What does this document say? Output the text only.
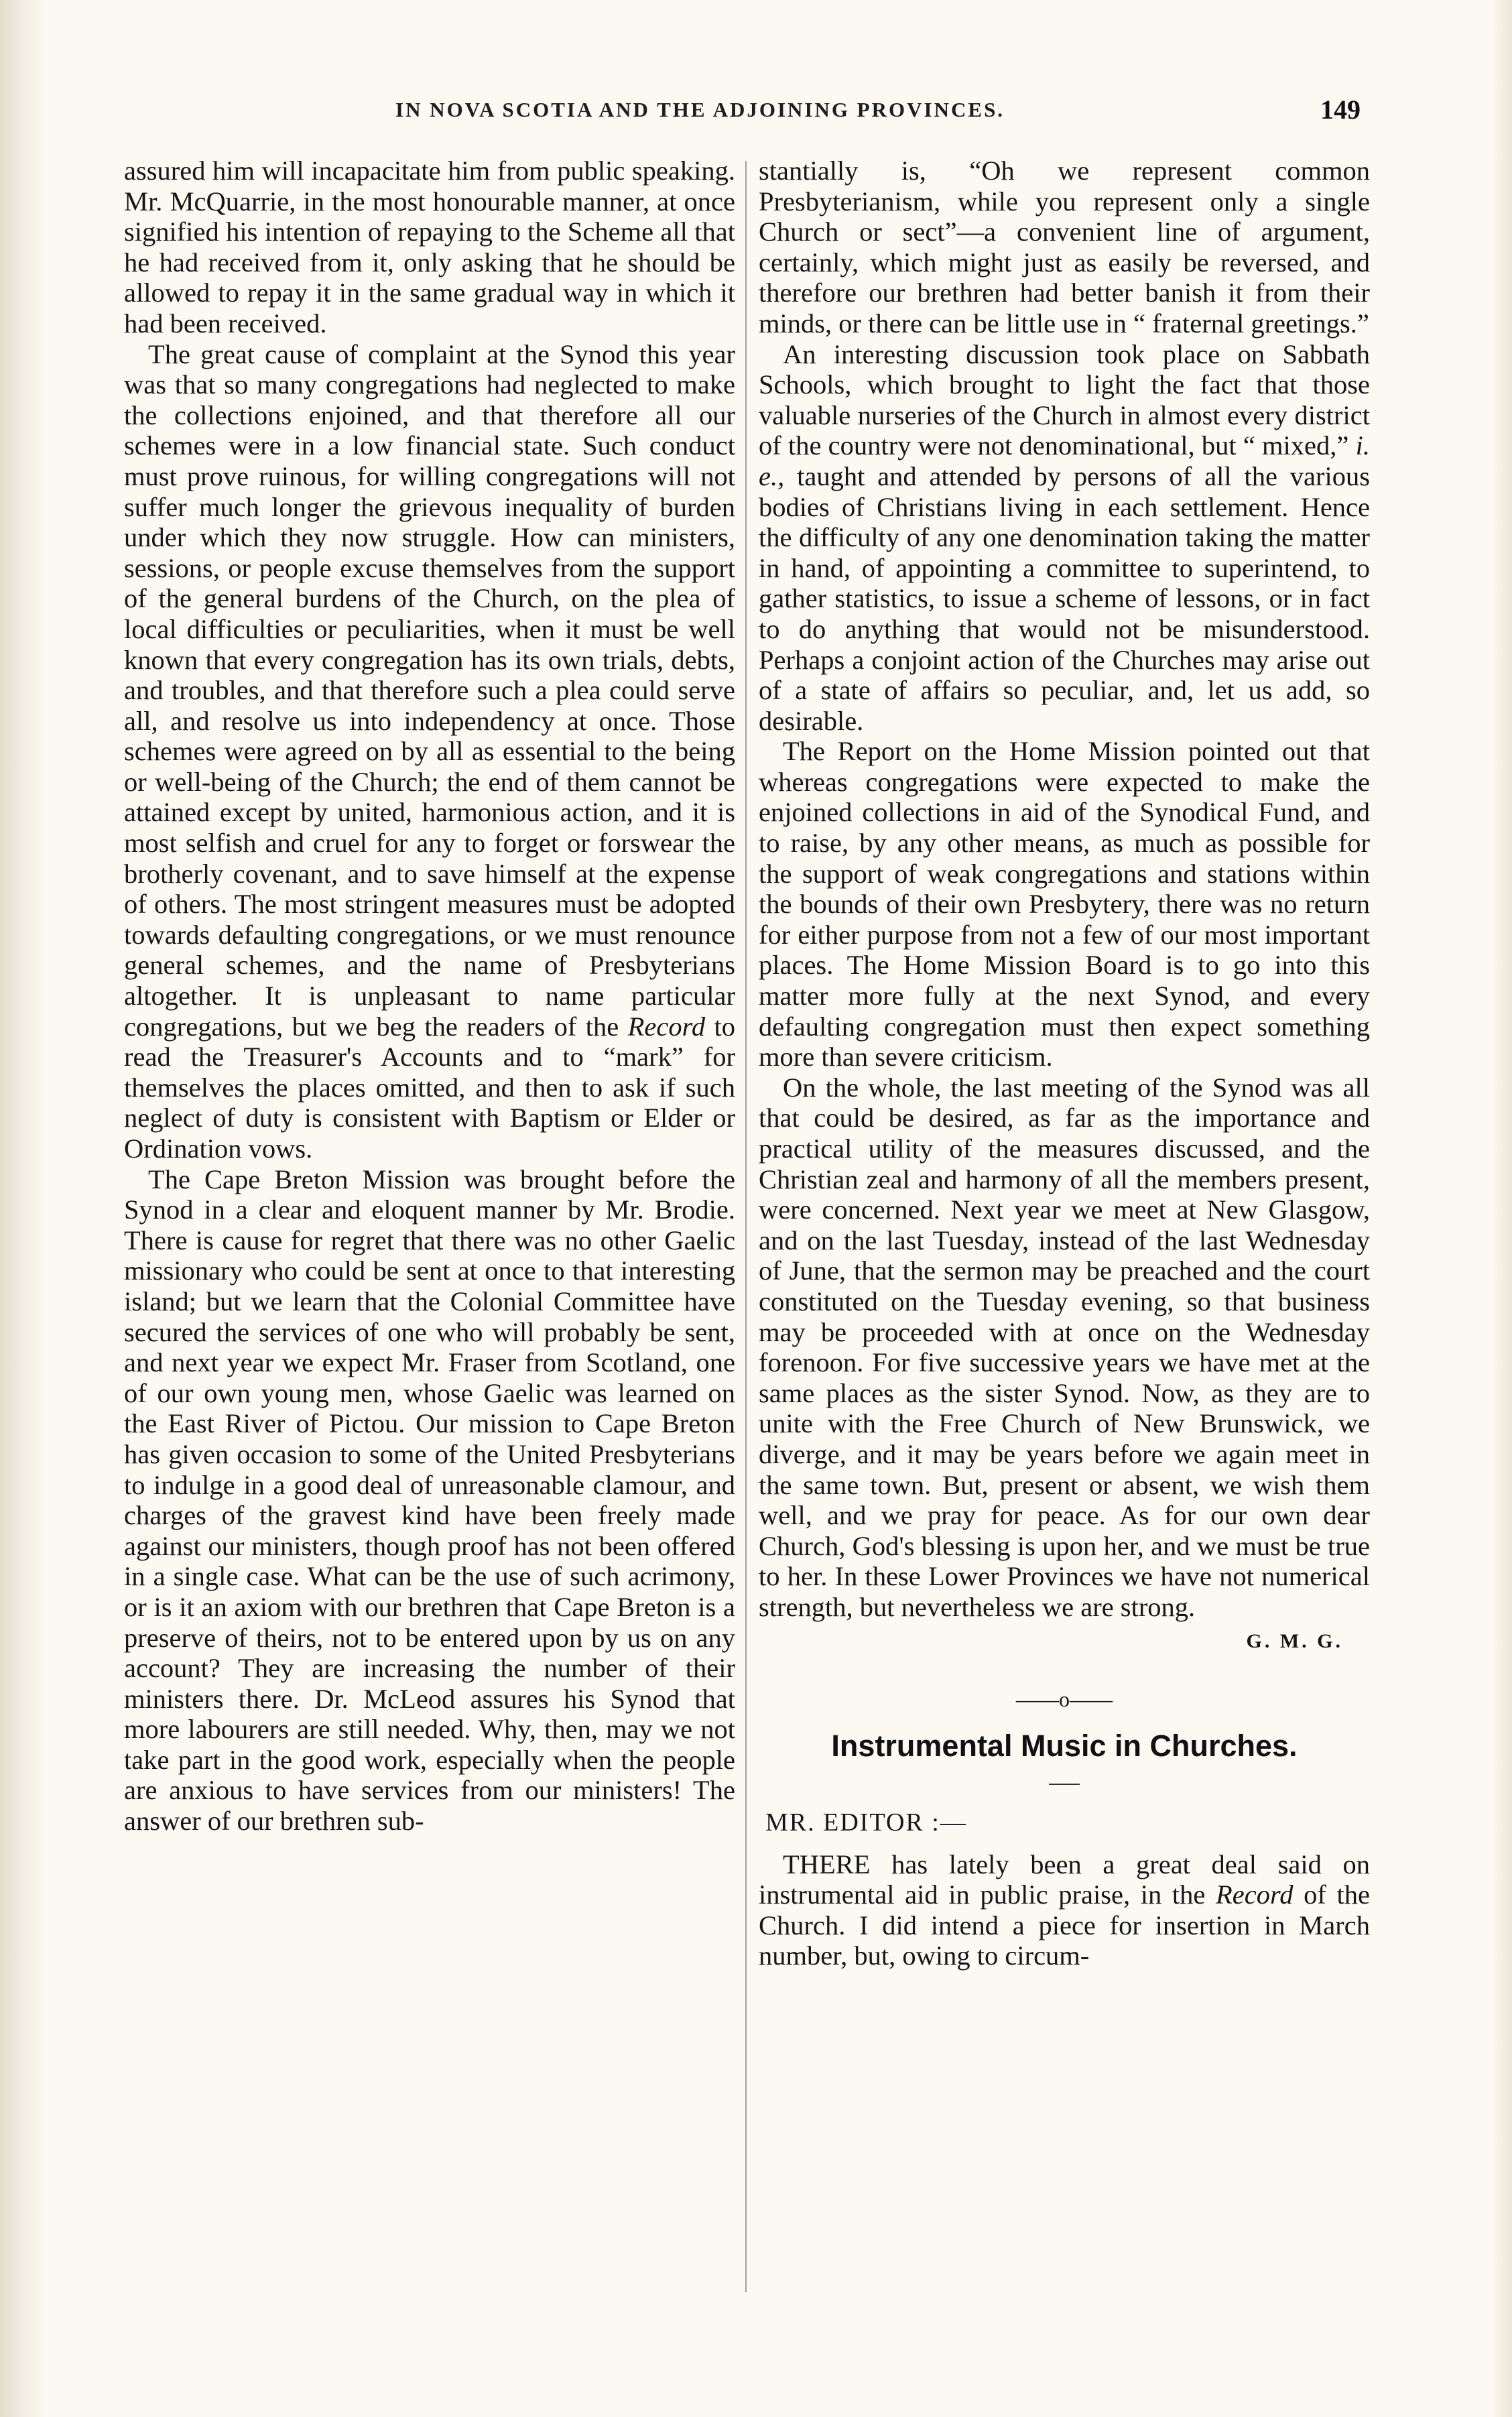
IN NOVA SCOTIA AND THE ADJOINING PROVINCES.	149

assured him will incapacitate him from public speaking. Mr. McQuarrie, in the most honourable manner, at once signified his intention of repaying to the Scheme all that he had received from it, only asking that he should be allowed to repay it in the same gradual way in which it had been received.

The great cause of complaint at the Synod this year was that so many congregations had neglected to make the collections enjoined, and that therefore all our schemes were in a low financial state. Such conduct must prove ruinous, for willing congregations will not suffer much longer the grievous inequality of burden under which they now struggle. How can ministers, sessions, or people excuse themselves from the support of the general burdens of the Church, on the plea of local difficulties or peculiarities, when it must be well known that every congregation has its own trials, debts, and troubles, and that therefore such a plea could serve all, and resolve us into independency at once. Those schemes were agreed on by all as essential to the being or well-being of the Church; the end of them cannot be attained except by united, harmonious action, and it is most selfish and cruel for any to forget or forswear the brotherly covenant, and to save himself at the expense of others. The most stringent measures must be adopted towards defaulting congregations, or we must renounce general schemes, and the name of Presbyterians altogether. It is unpleasant to name particular congregations, but we beg the readers of the Record to read the Treasurer's Accounts and to “mark” for themselves the places omitted, and then to ask if such neglect of duty is consistent with Baptism or Elder or Ordination vows.

The Cape Breton Mission was brought before the Synod in a clear and eloquent manner by Mr. Brodie. There is cause for regret that there was no other Gaelic missionary who could be sent at once to that interesting island; but we learn that the Colonial Committee have secured the services of one who will probably be sent, and next year we expect Mr. Fraser from Scotland, one of our own young men, whose Gaelic was learned on the East River of Pictou. Our mission to Cape Breton has given occasion to some of the United Presbyterians to indulge in a good deal of unreasonable clamour, and charges of the gravest kind have been freely made against our ministers, though proof has not been offered in a single case. What can be the use of such acrimony, or is it an axiom with our brethren that Cape Breton is a preserve of theirs, not to be entered upon by us on any account? They are increasing the number of their ministers there. Dr. McLeod assures his Synod that more labourers are still needed. Why, then, may we not take part in the good work, especially when the people are anxious to have services from our ministers! The answer of our brethren sub-

stantially is, “Oh we represent common Presbyterianism, while you represent only a single Church or sect”—a convenient line of argument, certainly, which might just as easily be reversed, and therefore our brethren had better banish it from their minds, or there can be little use in “ fraternal greetings.”

An interesting discussion took place on Sabbath Schools, which brought to light the fact that those valuable nurseries of the Church in almost every district of the country were not denominational, but “ mixed,” i. e., taught and attended by persons of all the various bodies of Christians living in each settlement. Hence the difficulty of any one denomination taking the matter in hand, of appointing a committee to superintend, to gather statistics, to issue a scheme of lessons, or in fact to do anything that would not be misunderstood. Perhaps a conjoint action of the Churches may arise out of a state of affairs so peculiar, and, let us add, so desirable.

The Report on the Home Mission pointed out that whereas congregations were expected to make the enjoined collections in aid of the Synodical Fund, and to raise, by any other means, as much as possible for the support of weak congregations and stations within the bounds of their own Presbytery, there was no return for either purpose from not a few of our most important places. The Home Mission Board is to go into this matter more fully at the next Synod, and every defaulting congregation must then expect something more than severe criticism.

On the whole, the last meeting of the Synod was all that could be desired, as far as the importance and practical utility of the measures discussed, and the Christian zeal and harmony of all the members present, were concerned. Next year we meet at New Glasgow, and on the last Tuesday, instead of the last Wednesday of June, that the sermon may be preached and the court constituted on the Tuesday evening, so that business may be proceeded with at once on the Wednesday forenoon. For five successive years we have met at the same places as the sister Synod. Now, as they are to unite with the Free Church of New Brunswick, we diverge, and it may be years before we again meet in the same town. But, present or absent, we wish them well, and we pray for peace. As for our own dear Church, God's blessing is upon her, and we must be true to her. In these Lower Provinces we have not numerical strength, but nevertheless we are strong.

G. M. G.
——o——
Instrumental Music in Churches.
MR. EDITOR :—

THERE has lately been a great deal said on instrumental aid in public praise, in the Record of the Church. I did intend a piece for insertion in March number, but, owing to circum-
